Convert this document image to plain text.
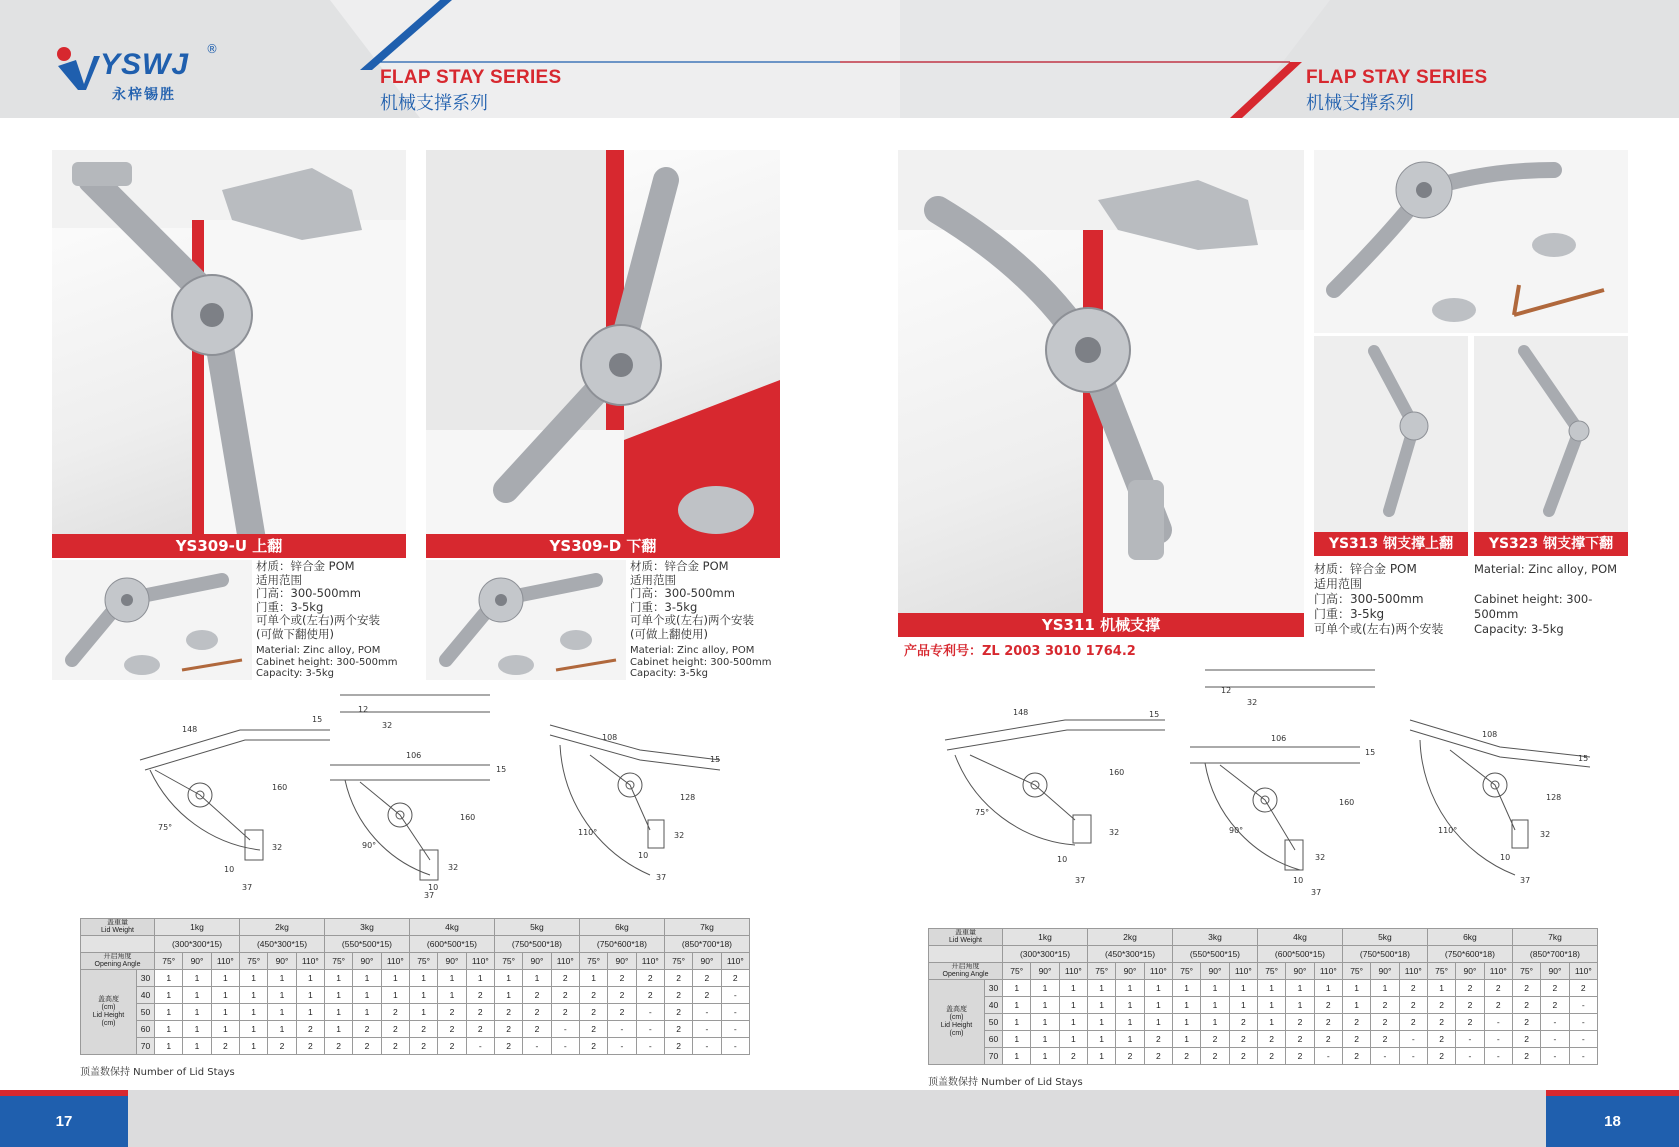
YSWJ ®
永梓锡胜
FLAP STAY SERIES
机械支撑系列
FLAP STAY SERIES
机械支撑系列
YS309-U 上翻	YS309-D 下翻
材质：锌合金 POM
适用范围
门高：300-500mm
门重：3-5kg
可单个或(左右)两个安装
(可做下翻使用)
Material: Zinc alloy, POM
Cabinet height: 300-500mm
Capacity: 3-5kg
材质：锌合金 POM
适用范围
门高：300-500mm
门重：3-5kg
可单个或(左右)两个安装
(可做上翻使用)
Material: Zinc alloy, POM
Cabinet height: 300-500mm
Capacity: 3-5kg
YS311 机械支撑
产品专利号：ZL 2003 3010 1764.2
YS313 钢支撑上翻	YS323 钢支撑下翻
材质：锌合金 POM
适用范围
门高：300-500mm
门重：3-5kg
可单个或(左右)两个安装
Material: Zinc alloy, POM
Cabinet height: 300-500mm
Capacity: 3-5kg
148
15
160
32
10
37
75°
12
32
106
15
160
90°
32
10
37
108
15
128
110°	32
10
37
148	15
160
32
10
37
75°
12
32
106
15
160
90°
32
10
37
108
15
128
110°	32
10
37
盖重量
Lid Weight		1kg			2kg			3kg			4kg			5kg			6kg			7kg		
		(300*300*15)			(450*300*15)			(550*500*15)			(600*500*15)			(750*500*18)			(750*600*18)			(850*700*18)		
开启角度
Opening Angle		75°	90°	110°	75°	90°	110°	75°	90°	110°	75°	90°	110°	75°	90°	110°	75°	90°	110°	75°	90°	110°
盖高度
(cm)
Lid Height
(cm)	30	1	1	1	1	1	1	1	1	1	1	1	1	1	1	2	1	2	2	2	2	2
	40	1	1	1	1	1	1	1	1	1	1	1	2	1	2	2	2	2	2	2	2	-
	50	1	1	1	1	1	1	1	1	2	1	2	2	2	2	2	2	2	-	2	-	-
	60	1	1	1	1	1	2	1	2	2	2	2	2	2	2	-	2	-	-	2	-	-
	70	1	1	2	1	2	2	2	2	2	2	2	-	2	-	-	2	-	-	2	-	-
顶盖数保持 Number of Lid Stays
盖重量
Lid Weight		1kg			2kg			3kg			4kg			5kg			6kg			7kg		
		(300*300*15)			(450*300*15)			(550*500*15)			(600*500*15)			(750*500*18)			(750*600*18)			(850*700*18)		
开启角度
Opening Angle		75°	90°	110°	75°	90°	110°	75°	90°	110°	75°	90°	110°	75°	90°	110°	75°	90°	110°	75°	90°	110°
盖高度
(cm)
Lid Height
(cm)	30	1	1	1	1	1	1	1	1	1	1	1	1	1	1	2	1	2	2	2	2	2
	40	1	1	1	1	1	1	1	1	1	1	1	2	1	2	2	2	2	2	2	2	-
	50	1	1	1	1	1	1	1	1	2	1	2	2	2	2	2	2	2	-	2	-	-
	60	1	1	1	1	1	2	1	2	2	2	2	2	2	2	-	2	-	-	2	-	-
	70	1	1	2	1	2	2	2	2	2	2	2	-	2	-	-	2	-	-	2	-	-
顶盖数保持 Number of Lid Stays
17	18
